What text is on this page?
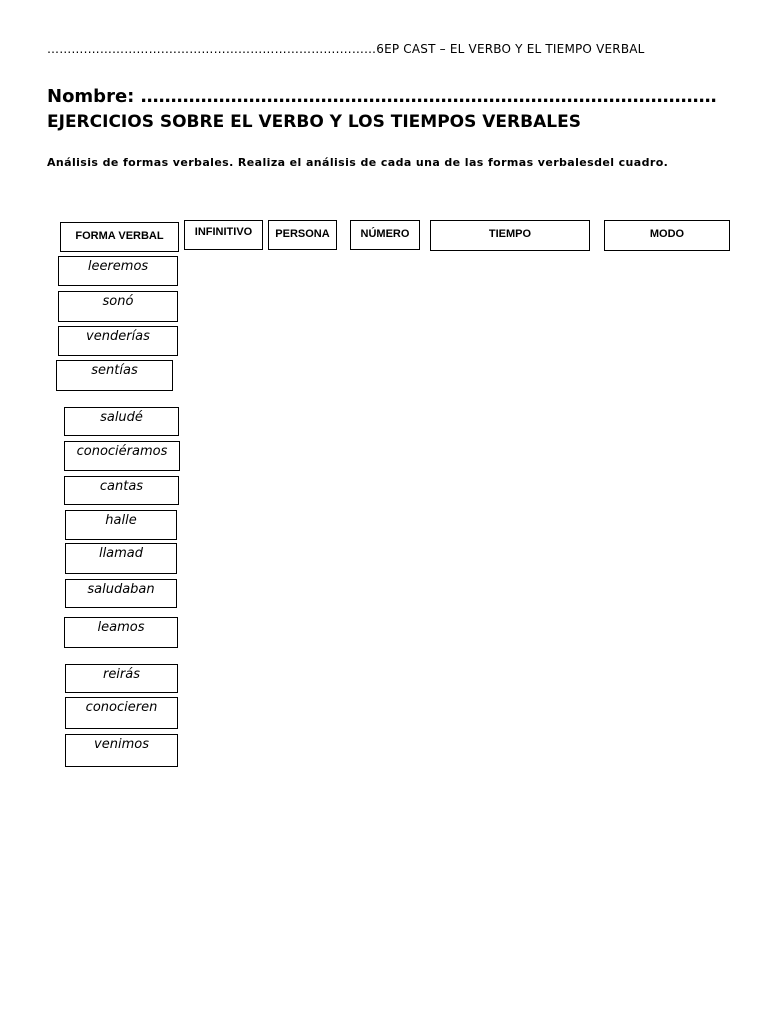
……….……………….…………………………………….………6EP CAST – EL VERBO Y EL TIEMPO VERBAL
Nombre: ……………………………………………………………………………………
EJERCICIOS SOBRE EL VERBO Y LOS TIEMPOS VERBALES
Análisis de formas verbales. Realiza el análisis de cada una de las formas verbalesdel cuadro.
FORMA VERBAL	INFINITIVO	PERSONA	NÚMERO	TIEMPO	MODO
leeremos
sonó
venderías
sentías
saludé
conociéramos
cantas
halle
llamad
saludaban
leamos
reirás
conocieren
venimos
